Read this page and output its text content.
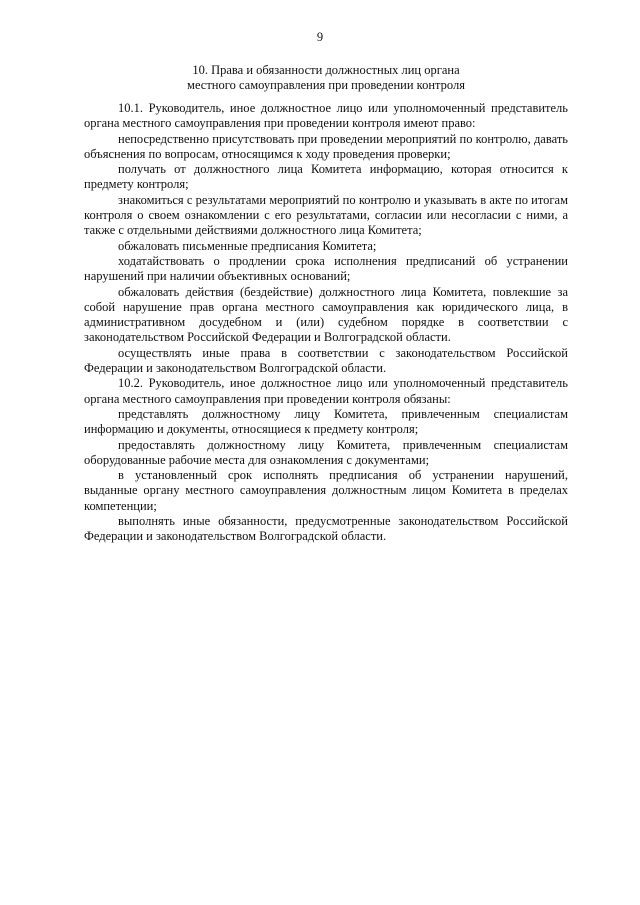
9
10. Права и обязанности должностных лиц органа
местного самоуправления при проведении контроля

10.1. Руководитель, иное должностное лицо или уполномоченный представитель органа местного самоуправления при проведении контроля имеют право:

непосредственно присутствовать при проведении мероприятий по контролю, давать объяснения по вопросам, относящимся к ходу проведения проверки;

получать от должностного лица Комитета информацию, которая относится к предмету контроля;

знакомиться с результатами мероприятий по контролю и указывать в акте по итогам контроля о своем ознакомлении с его результатами, согласии или несогласии с ними, а также с отдельными действиями должностного лица Комитета;

обжаловать письменные предписания Комитета;

ходатайствовать о продлении срока исполнения предписаний об устранении нарушений при наличии объективных оснований;

обжаловать действия (бездействие) должностного лица Комитета, повлекшие за собой нарушение прав органа местного самоуправления как юридического лица, в административном досудебном и (или) судебном порядке в соответствии с законодательством Российской Федерации и Волгоградской области.

осуществлять иные права в соответствии с законодательством Российской Федерации и законодательством Волгоградской области.

10.2. Руководитель, иное должностное лицо или уполномоченный представитель органа местного самоуправления при проведении контроля обязаны:

представлять должностному лицу Комитета, привлеченным специалистам информацию и документы, относящиеся к предмету контроля;

предоставлять должностному лицу Комитета, привлеченным специалистам оборудованные рабочие места для ознакомления с документами;

в установленный срок исполнять предписания об устранении нарушений, выданные органу местного самоуправления должностным лицом Комитета в пределах компетенции;

выполнять иные обязанности, предусмотренные законодательством Российской Федерации и законодательством Волгоградской области.
